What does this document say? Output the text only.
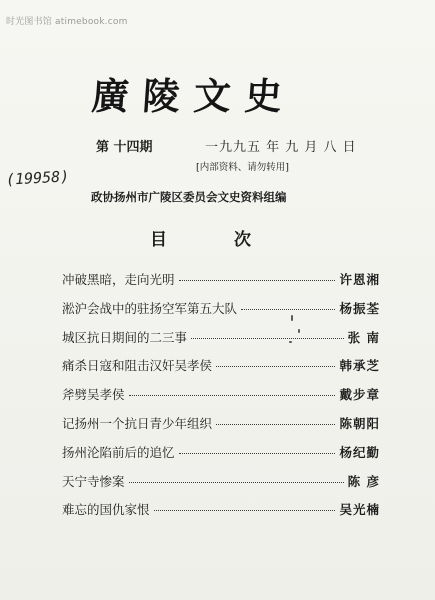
时光图书馆 atimebook.com
廣陵文史
第 十四期	一九九五 年 九 月 八 日
[内部资料、请勿转用]
(19958)
政协扬州市广陵区委员会文史资料组编
目	次
冲破黑暗，走向光明	许恩湘
淞沪会战中的驻扬空军第五大队	杨振荃
城区抗日期间的二三事	张 南
痛杀日寇和阻击汉奸吴孝侯	韩承芝
斧劈吴孝侯	戴步章
记扬州一个抗日青少年组织	陈朝阳
扬州沦陷前后的追忆	杨纪勤
天宁寺惨案	陈 彦
难忘的国仇家恨	吴光楠
